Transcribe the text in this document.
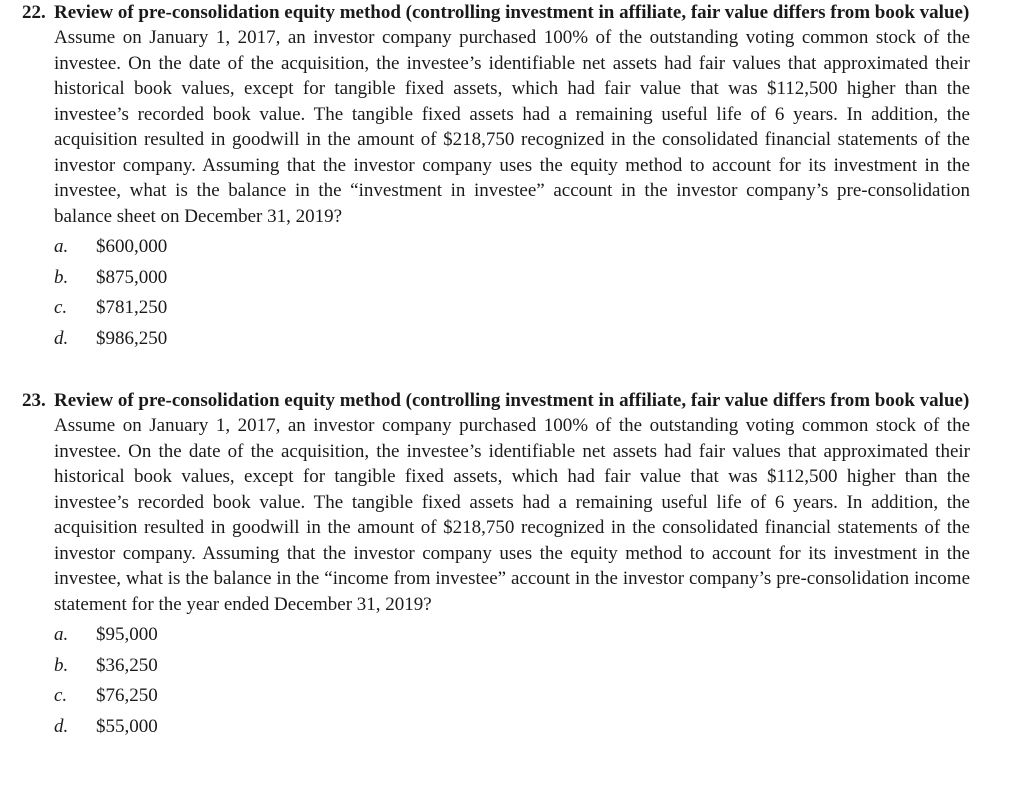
22. Review of pre-consolidation equity method (controlling investment in affiliate, fair value differs from book value)
Assume on January 1, 2017, an investor company purchased 100% of the outstanding voting common stock of the investee. On the date of the acquisition, the investee’s identifiable net assets had fair values that approximated their historical book values, except for tangible fixed assets, which had fair value that was $112,500 higher than the investee’s recorded book value. The tangible fixed assets had a remaining useful life of 6 years. In addition, the acquisition resulted in goodwill in the amount of $218,750 recognized in the consolidated financial statements of the investor company. Assuming that the investor company uses the equity method to account for its investment in the investee, what is the balance in the “investment in investee” account in the investor company’s pre-consolidation balance sheet on December 31, 2019?
a. $600,000
b. $875,000
c. $781,250
d. $986,250
23. Review of pre-consolidation equity method (controlling investment in affiliate, fair value differs from book value)
Assume on January 1, 2017, an investor company purchased 100% of the outstanding voting common stock of the investee. On the date of the acquisition, the investee’s identifiable net assets had fair values that approximated their historical book values, except for tangible fixed assets, which had fair value that was $112,500 higher than the investee’s recorded book value. The tangible fixed assets had a remaining useful life of 6 years. In addition, the acquisition resulted in goodwill in the amount of $218,750 recognized in the consolidated financial statements of the investor company. Assuming that the investor company uses the equity method to account for its investment in the investee, what is the balance in the “income from investee” account in the investor company’s pre-consolidation income statement for the year ended December 31, 2019?
a. $95,000
b. $36,250
c. $76,250
d. $55,000
